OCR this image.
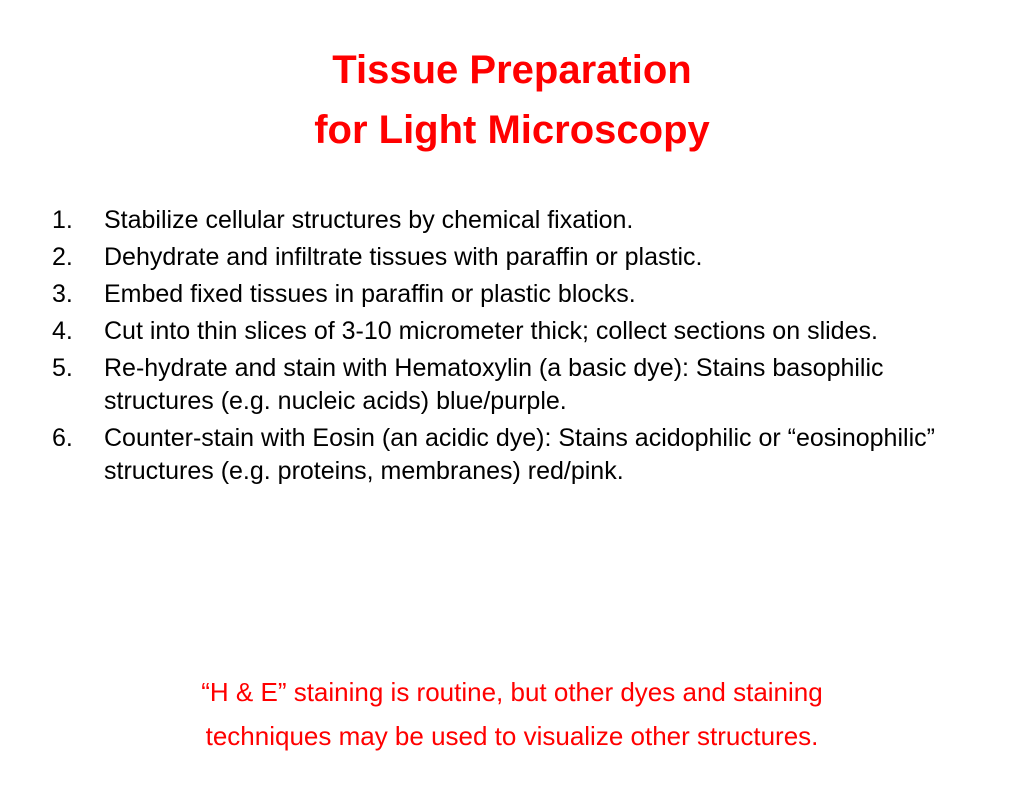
Tissue Preparation
for Light Microscopy
1. Stabilize cellular structures by chemical fixation.
2. Dehydrate and infiltrate tissues with paraffin or plastic.
3. Embed fixed tissues in paraffin or plastic blocks.
4. Cut into thin slices of 3-10 micrometer thick; collect sections on slides.
5. Re-hydrate and stain with Hematoxylin (a basic dye): Stains basophilic structures (e.g. nucleic acids) blue/purple.
6. Counter-stain with Eosin (an acidic dye): Stains acidophilic or “eosinophilic” structures (e.g. proteins, membranes) red/pink.
“H & E” staining is routine, but other dyes and staining
techniques may be used to visualize other structures.
